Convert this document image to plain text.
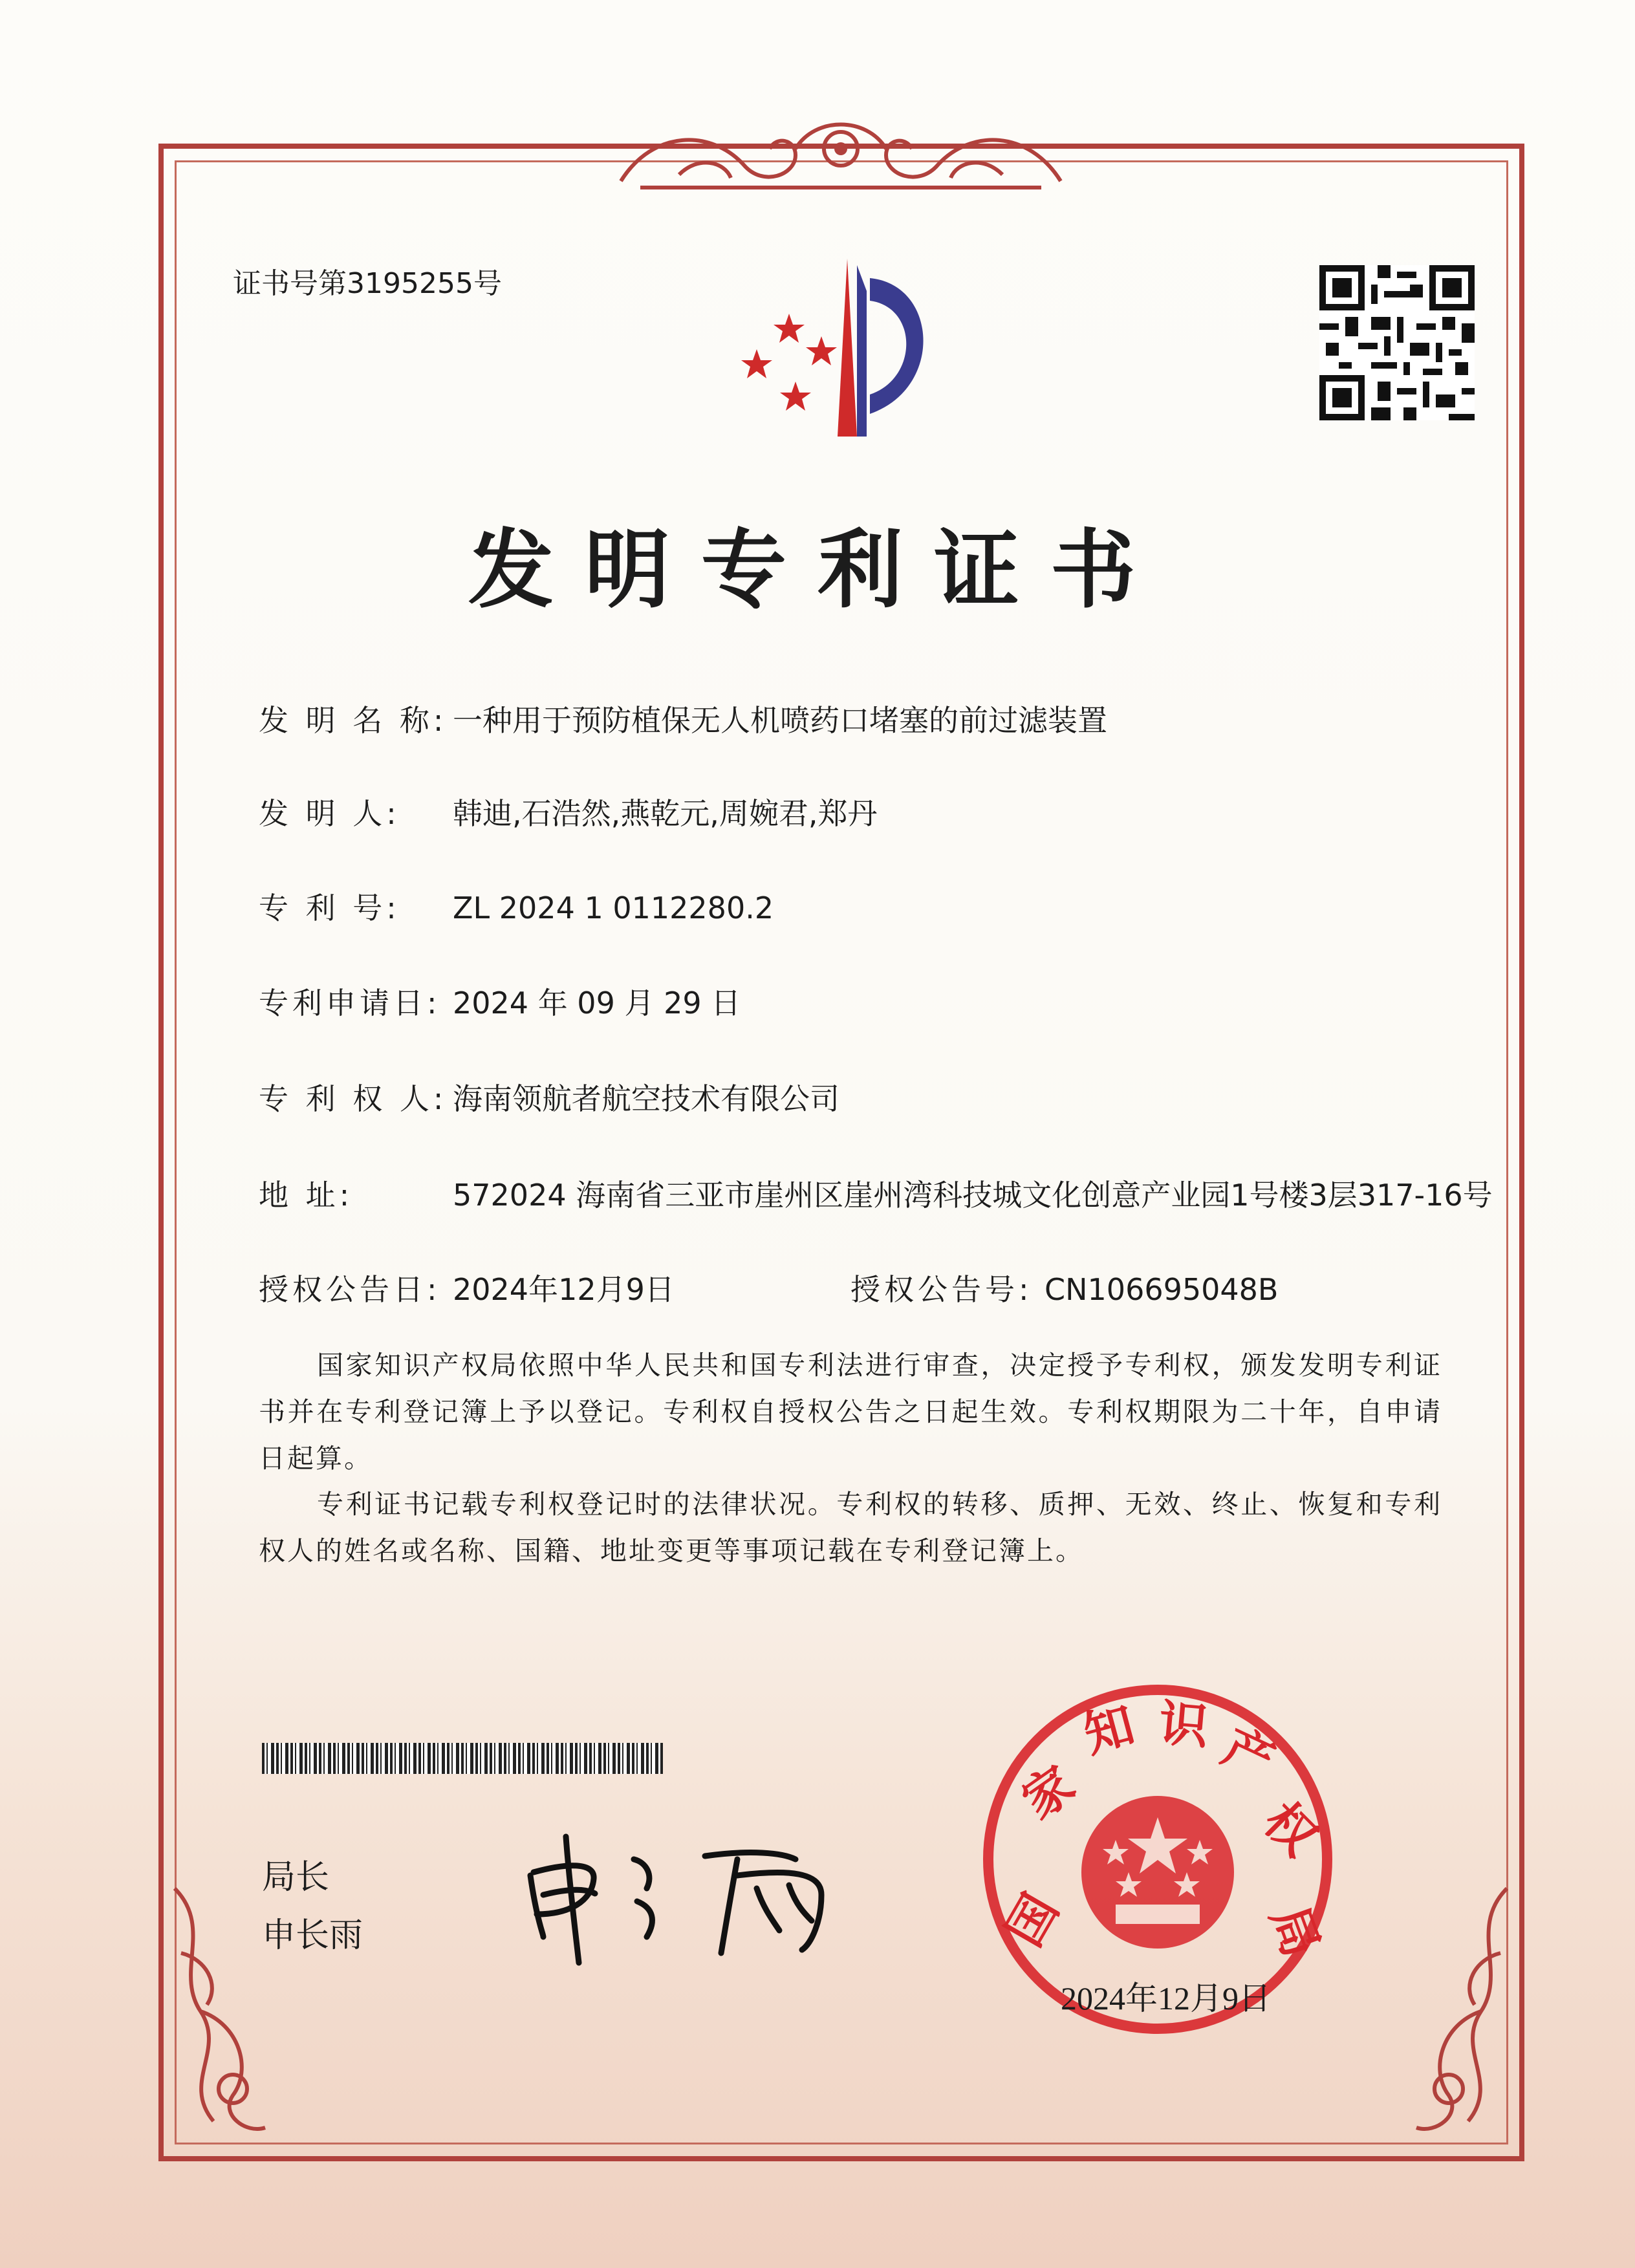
证书号第3195255号
发明专利证书
发 明 名 称: 一种用于预防植保无人机喷药口堵塞的前过滤装置
发 明 人: 韩迪,石浩然,燕乾元,周婉君,郑丹
专 利 号: ZL 2024 1 0112280.2
专利申请日: 2024 年 09 月 29 日
专 利 权 人: 海南领航者航空技术有限公司
地 址:	572024 海南省三亚市崖州区崖州湾科技城文化创意产业园1号楼3层317-16号
授权公告日: 2024年12月9日	授权公告号: CN106695048B
国家知识产权局依照中华人民共和国专利法进行审查，决定授予专利权，颁发发明专利证书并在专利登记簿上予以登记。专利权自授权公告之日起生效。专利权期限为二十年，自申请日起算。
专利证书记载专利权登记时的法律状况。专利权的转移、质押、无效、终止、恢复和专利权人的姓名或名称、国籍、地址变更等事项记载在专利登记簿上。
局长
申长雨	国
家
知 识 产
权
局
2024年12月9日
